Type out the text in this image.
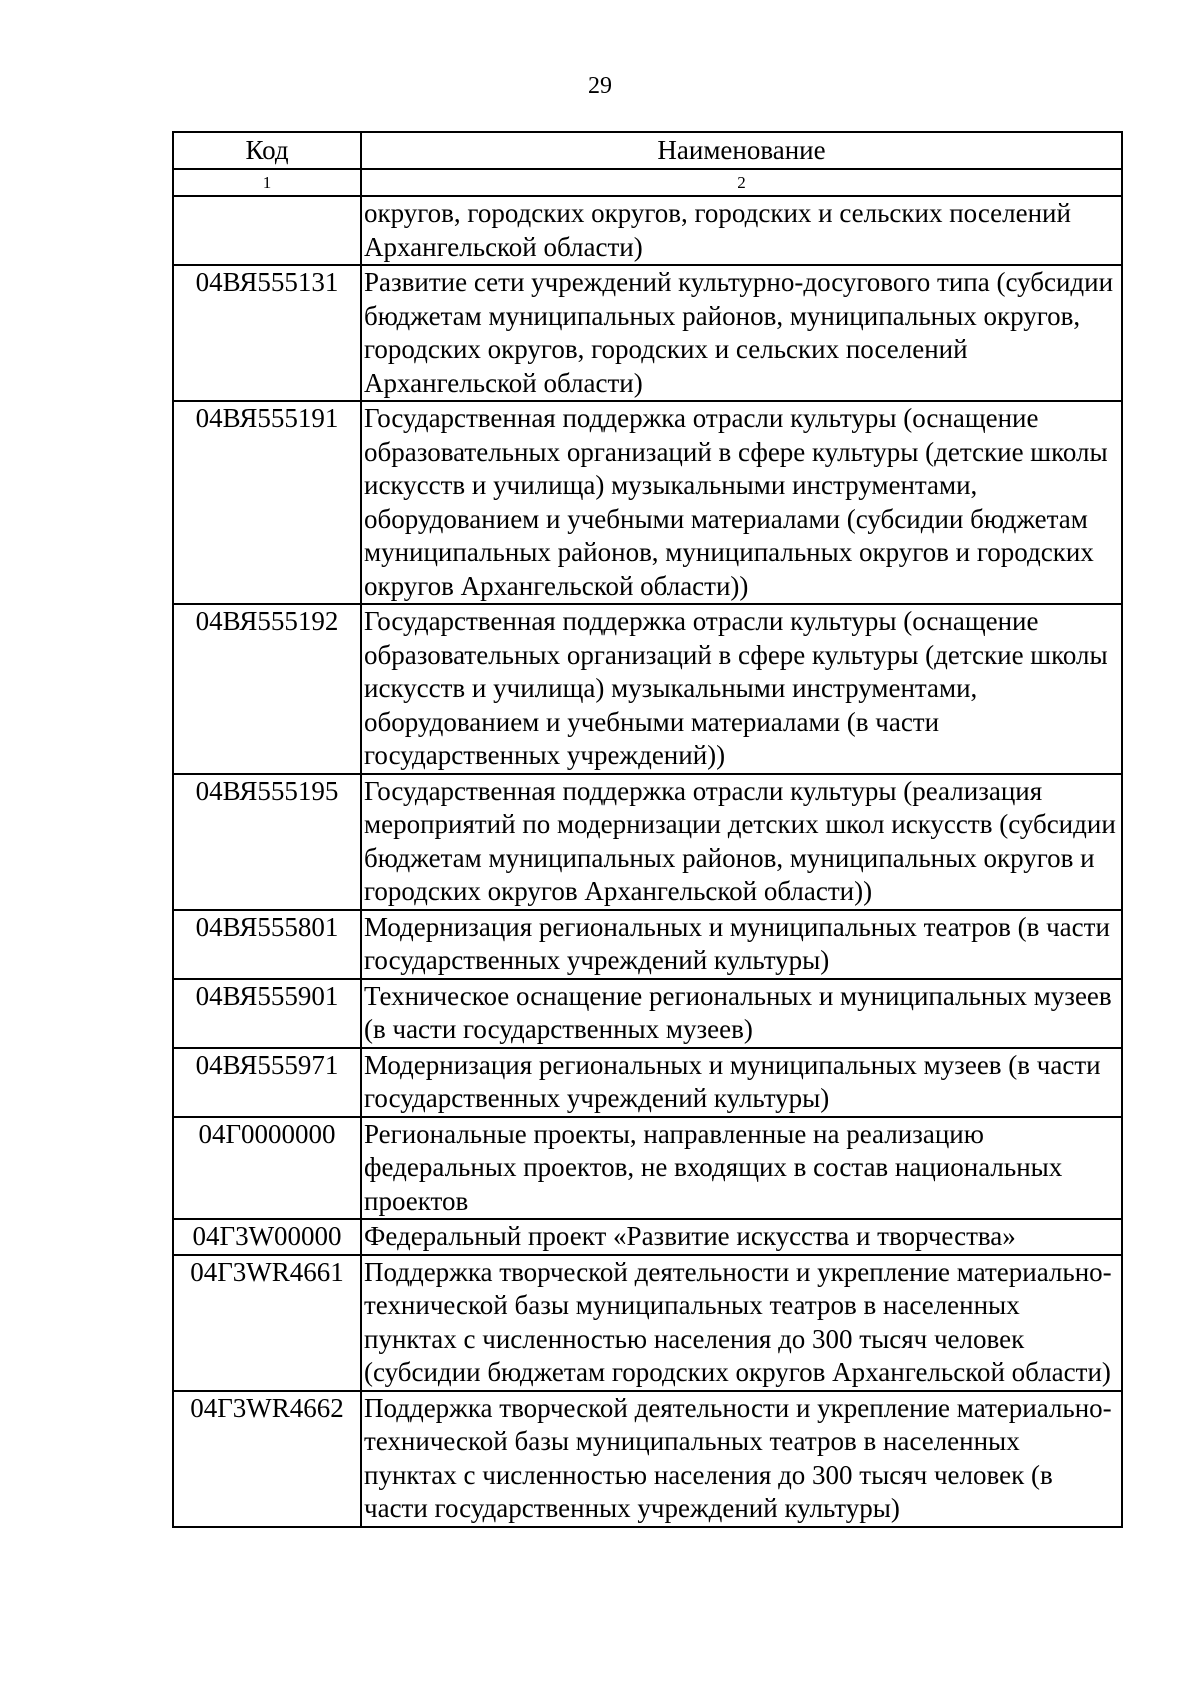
29
Код	Наименование
1	2
	округов, городских округов, городских и сельских поселений Архангельской области)
04ВЯ555131	Развитие сети учреждений культурно-досугового типа (субсидии бюджетам муниципальных районов, муниципальных округов, городских округов, городских и сельских поселений Архангельской области)
04ВЯ555191	Государственная поддержка отрасли культуры (оснащение образовательных организаций в сфере культуры (детские школы искусств и училища) музыкальными инструментами, оборудованием и учебными материалами (субсидии бюджетам муниципальных районов, муниципальных округов и городских округов Архангельской области))
04ВЯ555192	Государственная поддержка отрасли культуры (оснащение образовательных организаций в сфере культуры (детские школы искусств и училища) музыкальными инструментами, оборудованием и учебными материалами (в части государственных учреждений))
04ВЯ555195	Государственная поддержка отрасли культуры (реализация мероприятий по модернизации детских школ искусств (субсидии бюджетам муниципальных районов, муниципальных округов и городских округов Архангельской области))
04ВЯ555801	Модернизация региональных и муниципальных театров (в части государственных учреждений культуры)
04ВЯ555901	Техническое оснащение региональных и муниципальных музеев (в части государственных музеев)
04ВЯ555971	Модернизация региональных и муниципальных музеев (в части государственных учреждений культуры)
04Г0000000	Региональные проекты, направленные на реализацию федеральных проектов, не входящих в состав национальных проектов
04Г3W00000	Федеральный проект «Развитие искусства и творчества»
04Г3WR4661	Поддержка творческой деятельности и укрепление материально-технической базы муниципальных театров в населенных пунктах с численностью населения до 300 тысяч человек (субсидии бюджетам городских округов Архангельской области)
04Г3WR4662	Поддержка творческой деятельности и укрепление материально-технической базы муниципальных театров в населенных пунктах с численностью населения до 300 тысяч человек (в части государственных учреждений культуры)
